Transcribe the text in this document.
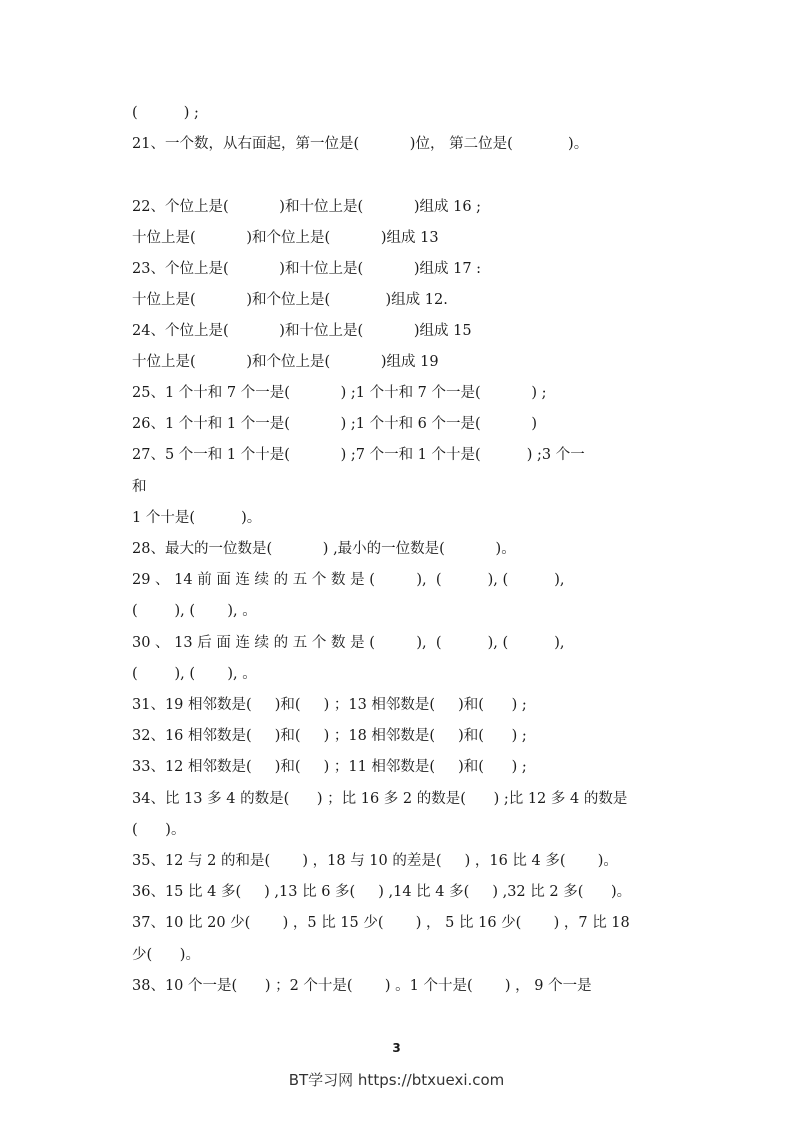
(          ) ;
21、一个数，从右面起，第一位是(           )位， 第二位是(            )。
22、个位上是(           )和十位上是(           )组成 16 ;
十位上是(           )和个位上是(           )组成 13
23、个位上是(           )和十位上是(           )组成 17 :
十位上是(           )和个位上是(            )组成 12.
24、个位上是(           )和十位上是(           )组成 15
十位上是(           )和个位上是(           )组成 19
25、1 个十和 7 个一是(           ) ;1 个十和 7 个一是(           ) ;
26、1 个十和 1 个一是(           ) ;1 个十和 6 个一是(           )
27、5 个一和 1 个十是(           ) ;7 个一和 1 个十是(          ) ;3 个一
和
1 个十是(          )。
28、最大的一位数是(           ) ,最小的一位数是(           )。
29 、 14 前 面 连 续 的 五 个 数 是 (         ),  (          ), (          ),
(        ), (       ), 。
30 、 13 后 面 连 续 的 五 个 数 是 (         ),  (          ), (          ),
(        ), (       ), 。
31、19 相邻数是(     )和(     ) ；13 相邻数是(     )和(      ) ;
32、16 相邻数是(     )和(     ) ；18 相邻数是(     )和(      ) ;
33、12 相邻数是(     )和(     ) ；11 相邻数是(     )和(      ) ;
34、比 13 多 4 的数是(      ) ；比 16 多 2 的数是(      ) ;比 12 多 4 的数是
(      )。
35、12 与 2 的和是(       ) ，18 与 10 的差是(     ) ，16 比 4 多(       )。
36、15 比 4 多(     ) ,13 比 6 多(     ) ,14 比 4 多(     ) ,32 比 2 多(      )。
37、10 比 20 少(       ) ，5 比 15 少(       ) ， 5 比 16 少(       ) ，7 比 18
少(      )。
38、10 个一是(      ) ；2 个十是(       ) 。1 个十是(       ) ， 9 个一是
3
BT学习网 https://btxuexi.com
